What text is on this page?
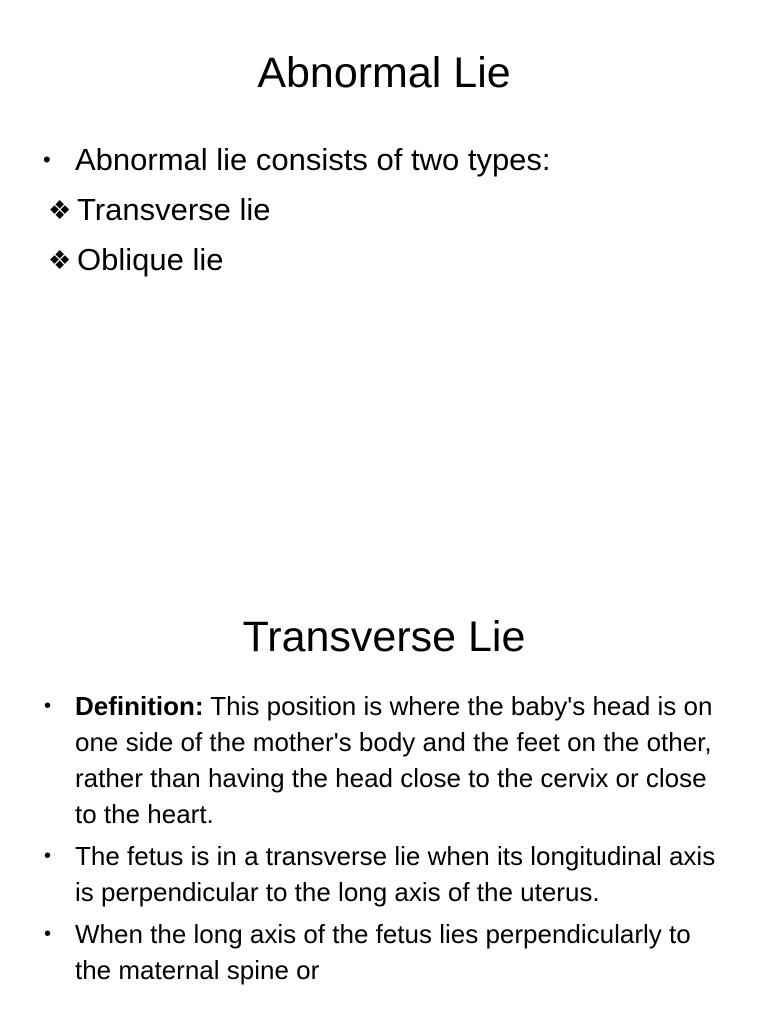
Abnormal Lie
• Abnormal lie consists of two types:
❖ Transverse lie
❖ Oblique lie
Transverse Lie
• Definition: This position is where the baby's head is on one side of the mother's body and the feet on the other, rather than having the head close to the cervix or close to the heart.
• The fetus is in a transverse lie when its longitudinal axis is perpendicular to the long axis of the uterus.
• When the long axis of the fetus lies perpendicularly to the maternal spine or
